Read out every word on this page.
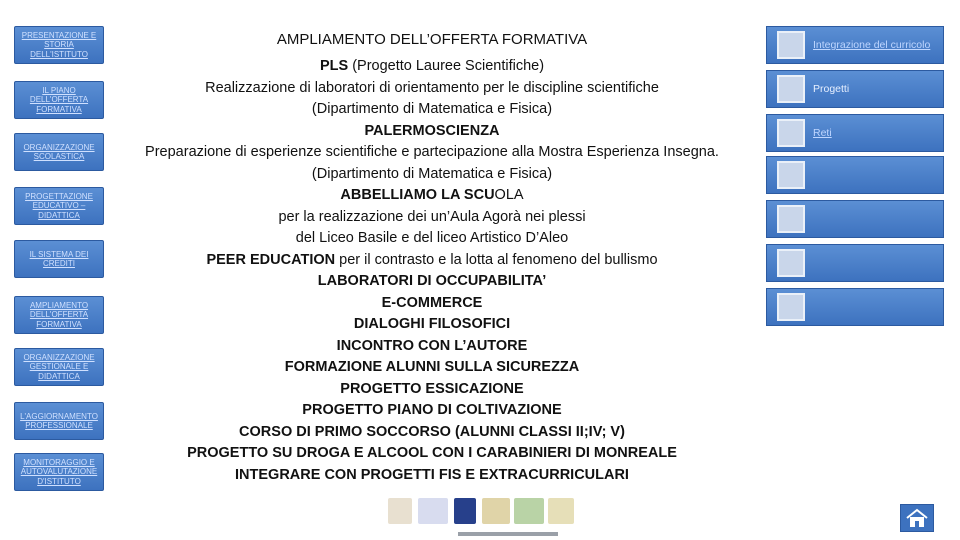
PRESENTAZIONE E STORIA DELL'ISTITUTO
IL PIANO DELL'OFFERTA FORMATIVA
ORGANIZZAZIONE SCOLASTICA
PROGETTAZIONE EDUCATIVO – DIDATTICA
IL SISTEMA DEI CREDITI
AMPLIAMENTO DELL'OFFERTA FORMATIVA
ORGANIZZAZIONE GESTIONALE E DIDATTICA
L'AGGIORNAMENTO PROFESSIONALE
MONITORAGGIO E AUTOVALUTAZIONE D'ISTITUTO
AMPLIAMENTO DELL’OFFERTA FORMATIVA
PLS (Progetto Lauree Scientifiche)
Realizzazione di laboratori di orientamento per le discipline scientifiche
(Dipartimento di Matematica e Fisica)
PALERMOSCIENZA
Preparazione di esperienze scientifiche e partecipazione alla Mostra Esperienza Insegna.
(Dipartimento di Matematica e Fisica)
ABBELLIAMO LA SCUOLA
per la realizzazione dei un’Aula Agorà nei plessi
del Liceo Basile e del liceo Artistico D’Aleo
PEER EDUCATION per il contrasto e la lotta al fenomeno del bullismo
LABORATORI DI OCCUPABILITA’
E-COMMERCE
DIALOGHI FILOSOFICI
INCONTRO CON L’AUTORE
FORMAZIONE ALUNNI SULLA SICUREZZA
PROGETTO ESSICAZIONE
PROGETTO PIANO DI COLTIVAZIONE
CORSO DI PRIMO SOCCORSO (ALUNNI CLASSI II;IV; V)
PROGETTO SU DROGA E ALCOOL CON I CARABINIERI DI MONREALE
INTEGRARE CON PROGETTI FIS E EXTRACURRICULARI
Integrazione del curricolo
Progetti
Reti
